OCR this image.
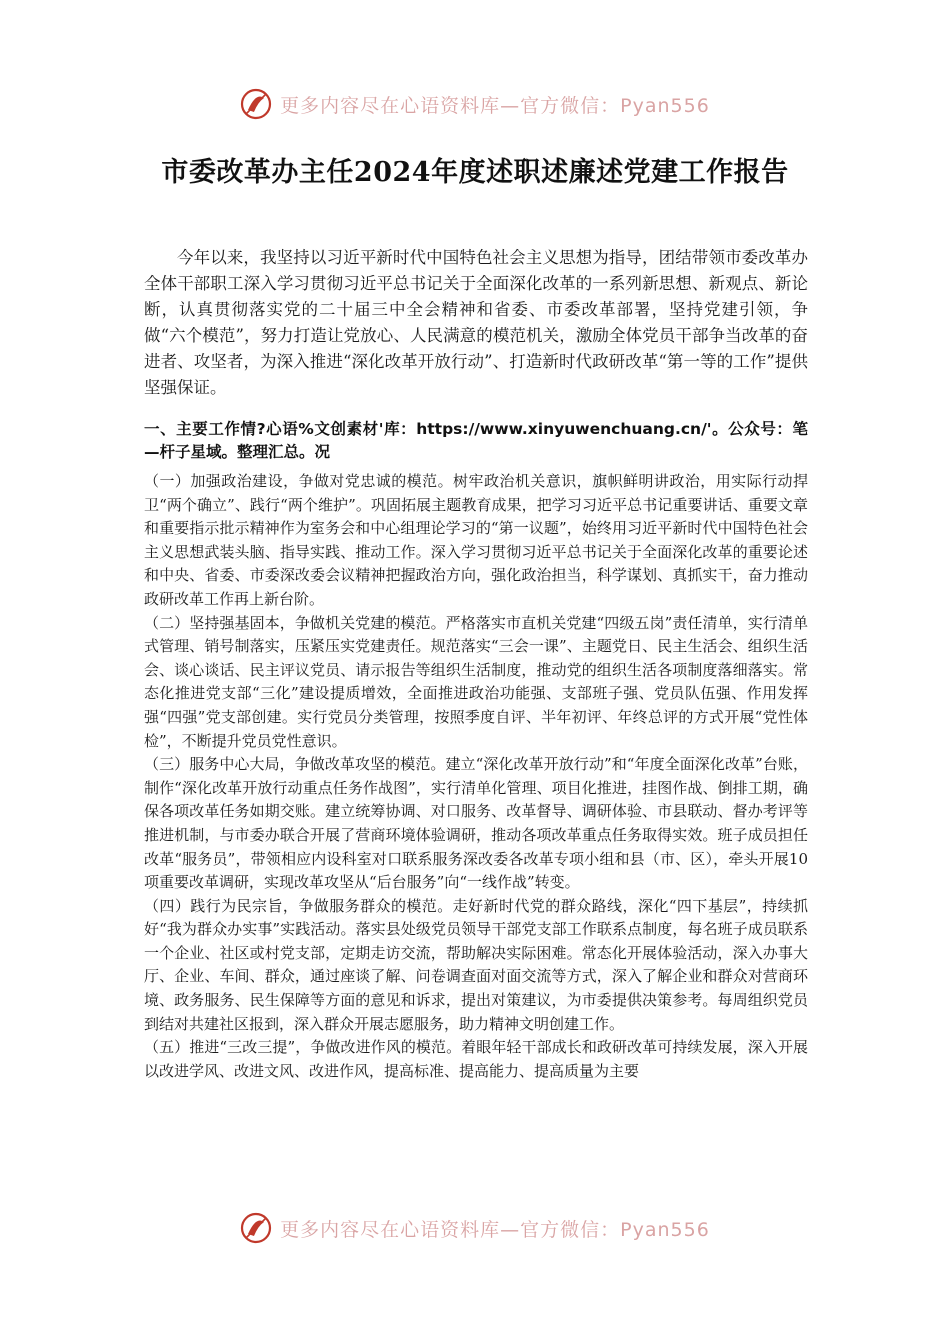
更多内容尽在心语资料库—官方微信：Pyan556
市委改革办主任2024年度述职述廉述党建工作报告

今年以来，我坚持以习近平新时代中国特色社会主义思想为指导，团结带领市委改革办全体干部职工深入学习贯彻习近平总书记关于全面深化改革的一系列新思想、新观点、新论断，认真贯彻落实党的二十届三中全会精神和省委、市委改革部署，坚持党建引领，争做“六个模范”，努力打造让党放心、人民满意的模范机关，激励全体党员干部争当改革的奋进者、攻坚者，为深入推进“深化改革开放行动”、打造新时代政研改革“第一等的工作”提供坚强保证。

一、主要工作情?心语%文创素材'库：https://www.xinyuwenchuang.cn/'。公众号：笔—杆子星域。整理汇总。况

（一）加强政治建设，争做对党忠诚的模范。树牢政治机关意识，旗帜鲜明讲政治，用实际行动捍卫“两个确立”、践行“两个维护”。巩固拓展主题教育成果，把学习习近平总书记重要讲话、重要文章和重要指示批示精神作为室务会和中心组理论学习的“第一议题”，始终用习近平新时代中国特色社会主义思想武装头脑、指导实践、推动工作。深入学习贯彻习近平总书记关于全面深化改革的重要论述和中央、省委、市委深改委会议精神把握政治方向，强化政治担当，科学谋划、真抓实干，奋力推动政研改革工作再上新台阶。

（二）坚持强基固本，争做机关党建的模范。严格落实市直机关党建“四级五岗”责任清单，实行清单式管理、销号制落实，压紧压实党建责任。规范落实“三会一课”、主题党日、民主生活会、组织生活会、谈心谈话、民主评议党员、请示报告等组织生活制度，推动党的组织生活各项制度落细落实。常态化推进党支部“三化”建设提质增效，全面推进政治功能强、支部班子强、党员队伍强、作用发挥强“四强”党支部创建。实行党员分类管理，按照季度自评、半年初评、年终总评的方式开展“党性体检”，不断提升党员党性意识。

（三）服务中心大局，争做改革攻坚的模范。建立“深化改革开放行动”和“年度全面深化改革”台账，制作“深化改革开放行动重点任务作战图”，实行清单化管理、项目化推进，挂图作战、倒排工期，确保各项改革任务如期交账。建立统筹协调、对口服务、改革督导、调研体验、市县联动、督办考评等推进机制，与市委办联合开展了营商环境体验调研，推动各项改革重点任务取得实效。班子成员担任改革“服务员”，带领相应内设科室对口联系服务深改委各改革专项小组和县（市、区），牵头开展10项重要改革调研，实现改革攻坚从“后台服务”向“一线作战”转变。

（四）践行为民宗旨，争做服务群众的模范。走好新时代党的群众路线，深化“四下基层”，持续抓好“我为群众办实事”实践活动。落实县处级党员领导干部党支部工作联系点制度，每名班子成员联系一个企业、社区或村党支部，定期走访交流，帮助解决实际困难。常态化开展体验活动，深入办事大厅、企业、车间、群众，通过座谈了解、问卷调查面对面交流等方式，深入了解企业和群众对营商环境、政务服务、民生保障等方面的意见和诉求，提出对策建议，为市委提供决策参考。每周组织党员到结对共建社区报到，深入群众开展志愿服务，助力精神文明创建工作。

（五）推进“三改三提”，争做改进作风的模范。着眼年轻干部成长和政研改革可持续发展，深入开展以改进学风、改进文风、改进作风，提高标准、提高能力、提高质量为主要

更多内容尽在心语资料库—官方微信：Pyan556
